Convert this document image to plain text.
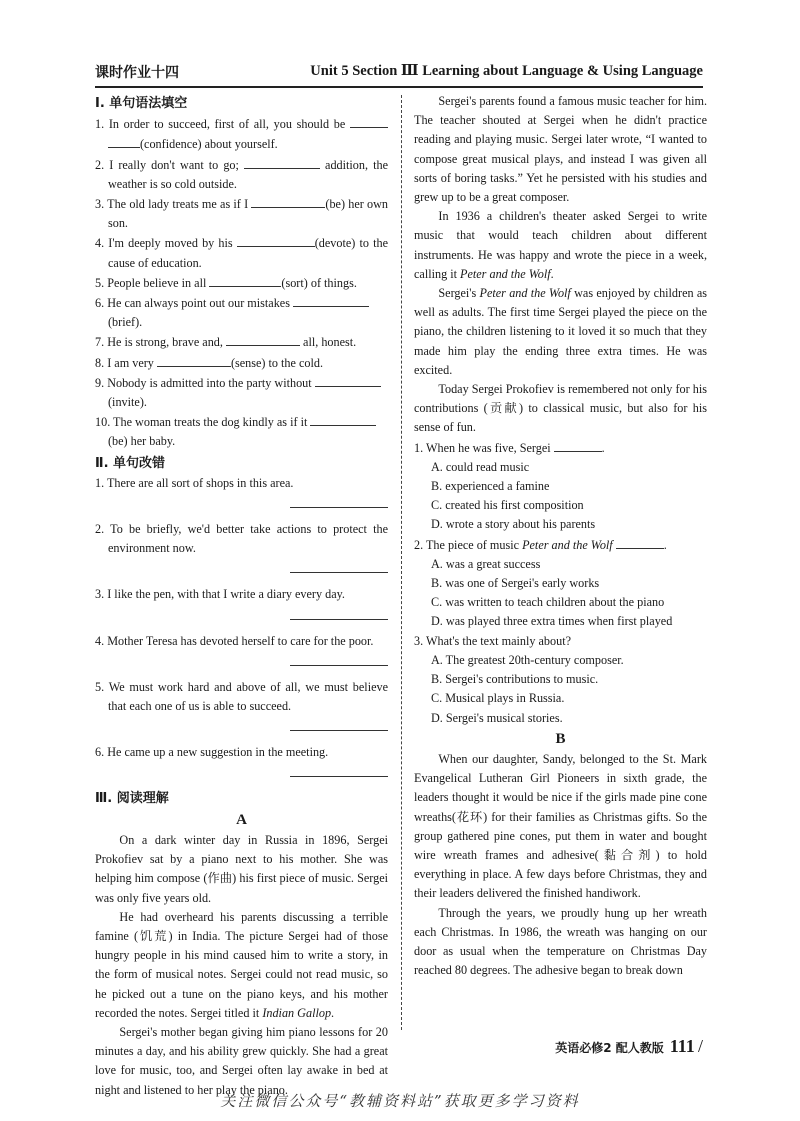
课时作业十四	Unit 5 Section Ⅲ Learning about Language & Using Language
Ⅰ. 单句语法填空
1. In order to succeed, first of all, you should be  (confidence) about yourself.
2. I really don't want to go;	addition, the weather is so cold outside.
3. The old lady treats me as if I	(be) her own son.
4. I'm deeply moved by his	(devote) to the cause of education.
5. People believe in all	(sort) of things.
6. He can always point out our mistakes
(brief).
7. He is strong, brave and,	all, honest.
8. I am very	(sense) to the cold.
9. Nobody is admitted into the party without
(invite).
10. The woman treats the dog kindly as if it
(be) her baby.
Ⅱ. 单句改错
1. There are all sort of shops in this area.
2. To be briefly, we'd better take actions to protect the environment now.
3. I like the pen, with that I write a diary every day.
4. Mother Teresa has devoted herself to care for the poor.
5. We must work hard and above of all, we must believe that each one of us is able to succeed.
6. He came up a new suggestion in the meeting.
Ⅲ. 阅读理解
A
On a dark winter day in Russia in 1896, Sergei Prokofiev sat by a piano next to his mother. She was helping him compose (作曲) his first piece of music. Sergei was only five years old.
He had overheard his parents discussing a terrible famine (饥荒) in India. The picture Sergei had of those hungry people in his mind caused him to write a story, in the form of musical notes. Sergei could not read music, so he picked out a tune on the piano keys, and his mother recorded the notes. Sergei titled it Indian Gallop.
Sergei's mother began giving him piano lessons for 20 minutes a day, and his ability grew quickly. She had a great love for music, too, and Sergei often lay awake in bed at night and listened to her play the piano.
Sergei's parents found a famous music teacher for him. The teacher shouted at Sergei when he didn't practice reading and playing music. Sergei later wrote, “I wanted to compose great musical plays, and instead I was given all sorts of boring tasks.” Yet he persisted with his studies and grew up to be a great composer.
In 1936 a children's theater asked Sergei to write music that would teach children about different instruments. He was happy and wrote the piece in a week, calling it Peter and the Wolf.
Sergei's Peter and the Wolf was enjoyed by children as well as adults. The first time Sergei played the piece on the piano, the children listening to it loved it so much that they made him play the ending three extra times. He was excited.
Today Sergei Prokofiev is remembered not only for his contributions (贡献) to classical music, but also for his sense of fun.
1. When he was five, Sergei	.
A. could read music
B. experienced a famine
C. created his first composition
D. wrote a story about his parents
2. The piece of music Peter and the Wolf	.
A. was a great success
B. was one of Sergei's early works
C. was written to teach children about the piano
D. was played three extra times when first played
3. What's the text mainly about?
A. The greatest 20th-century composer.
B. Sergei's contributions to music.
C. Musical plays in Russia.
D. Sergei's musical stories.
B
When our daughter, Sandy, belonged to the St. Mark Evangelical Lutheran Girl Pioneers in sixth grade, the leaders thought it would be nice if the girls made pine cone wreaths(花环) for their families as Christmas gifts. So the group gathered pine cones, put them in water and bought wire wreath frames and adhesive(黏合剂) to hold everything in place. A few days before Christmas, they and their leaders delivered the finished handiwork.
Through the years, we proudly hung up her wreath each Christmas. In 1986, the wreath was hanging on our door as usual when the temperature on Christmas Day reached 80 degrees. The adhesive began to break down
英语必修2 配人教版 111 /
关注微信公众号“教辅资料站”获取更多学习资料
